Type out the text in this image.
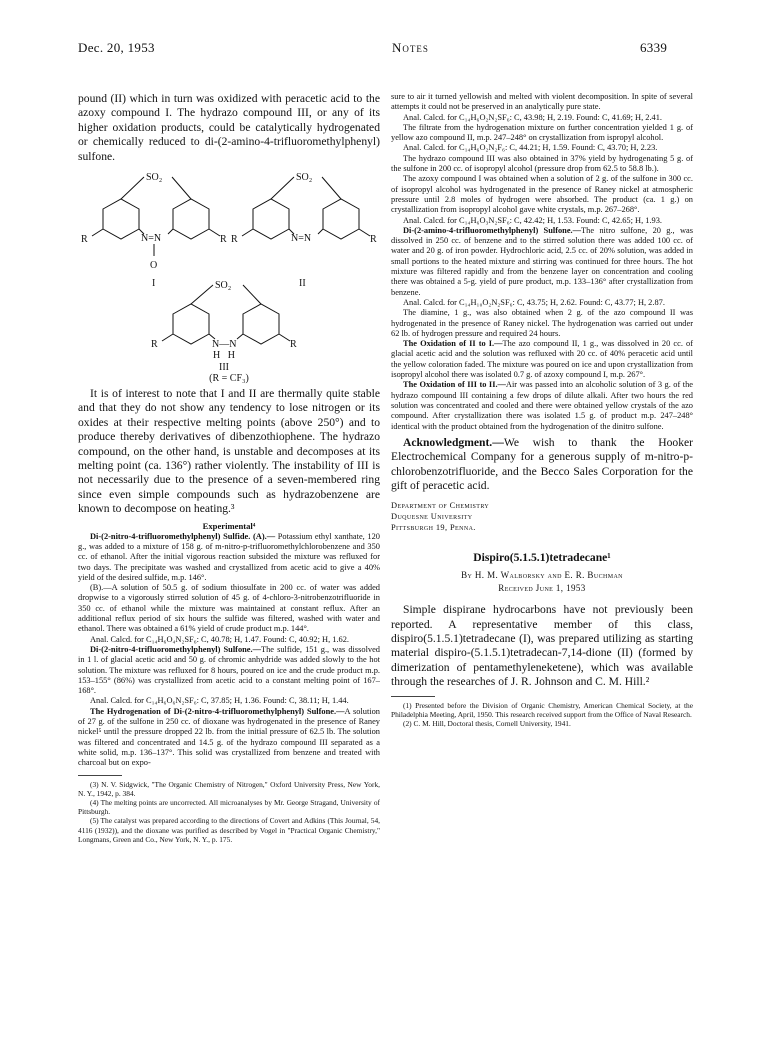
Dec. 20, 1953	Notes	6339

pound (II) which in turn was oxidized with peracetic acid to the azoxy compound I. The hydrazo compound III, or any of its higher oxidation products, could be catalytically hydrogenated or chemically reduced to di-(2-amino-4-trifluoromethylphenyl) sulfone.

SO₂
N=N
R	R
O
I
SO₂
N=N
R	R
II
SO₂
N—N
H   H
R	R
III

(R = CF₃)

It is of interest to note that I and II are thermally quite stable and that they do not show any tendency to lose nitrogen or its oxides at their respective melting points (above 250°) and to produce thereby derivatives of dibenzothiophene. The hydrazo compound, on the other hand, is unstable and decomposes at its melting point (ca. 136°) rather violently. The instability of III is not necessarily due to the presence of a seven-membered ring since even simple compounds such as hydrazobenzene are known to decompose on heating.³

Experimental⁴

Di-(2-nitro-4-trifluoromethylphenyl) Sulfide. (A).— Potassium ethyl xanthate, 120 g., was added to a mixture of 158 g. of m-nitro-p-trifluoromethylchlorobenzene and 350 cc. of ethanol. After the initial vigorous reaction subsided the mixture was refluxed for two days. The precipitate was washed and crystallized from acetic acid to give a 40% yield of the desired sulfide, m.p. 146°.

(B).—A solution of 50.5 g. of sodium thiosulfate in 200 cc. of water was added dropwise to a vigorously stirred solution of 45 g. of 4-chloro-3-nitrobenzotrifluoride in 350 cc. of ethanol while the mixture was maintained at constant reflux. After an additional reflux period of six hours the sulfide was filtered, washed with water and ethanol. There was obtained a 61% yield of crude product m.p. 144°.

Anal. Calcd. for C₁₄H₆O₄N₂SF₆: C, 40.78; H, 1.47. Found: C, 40.92; H, 1.62.

Di-(2-nitro-4-trifluoromethylphenyl) Sulfone.—The sulfide, 151 g., was dissolved in 1 l. of glacial acetic acid and 50 g. of chromic anhydride was added slowly to the hot solution. The mixture was refluxed for 8 hours, poured on ice and the crude product m.p. 153–155° (86%) was crystallized from acetic acid to a constant melting point of 167–168°.

Anal. Calcd. for C₁₄H₆O₆N₂SF₆: C, 37.85; H, 1.36. Found: C, 38.11; H, 1.44.

The Hydrogenation of Di-(2-nitro-4-trifluoromethylphenyl) Sulfone.—A solution of 27 g. of the sulfone in 250 cc. of dioxane was hydrogenated in the presence of Raney nickel⁵ until the pressure dropped 22 lb. from the initial pressure of 62.5 lb. The solution was filtered and concentrated and 14.5 g. of the hydrazo compound III separated as a white solid, m.p. 136–137°. This solid was crystallized from benzene and treated with charcoal but on expo-

(3) N. V. Sidgwick, "The Organic Chemistry of Nitrogen," Oxford University Press, New York, N. Y., 1942, p. 384.

(4) The melting points are uncorrected. All microanalyses by Mr. George Stragand, University of Pittsburgh.

(5) The catalyst was prepared according to the directions of Covert and Adkins (This Journal, 54, 4116 (1932)), and the dioxane was purified as described by Vogel in "Practical Organic Chemistry," Longmans, Green and Co., New York, N. Y., p. 175.

sure to air it turned yellowish and melted with violent decomposition. In spite of several attempts it could not be preserved in an analytically pure state.

Anal. Calcd. for C₁₄H₆O₂N₂SF₆: C, 43.98; H, 2.19. Found: C, 41.69; H, 2.41.

The filtrate from the hydrogenation mixture on further concentration yielded 1 g. of yellow azo compound II, m.p. 247–248° on crystallization from ispropyl alcohol.

Anal. Calcd. for C₁₄H₆O₂N₂F₆: C, 44.21; H, 1.59. Found: C, 43.70; H, 2.23.

The hydrazo compound III was also obtained in 37% yield by hydrogenating 5 g. of the sulfone in 200 cc. of isopropyl alcohol (pressure drop from 62.5 to 58.8 lb.).

The azoxy compound I was obtained when a solution of 2 g. of the sulfone in 300 cc. of isopropyl alcohol was hydrogenated in the presence of Raney nickel at atmospheric pressure until 2.8 moles of hydrogen were absorbed. The product (ca. 1 g.) on crystallization from isopropyl alcohol gave white crystals, m.p. 267–268°.

Anal. Calcd. for C₁₄H₆O₃N₂SF₆: C, 42.42; H, 1.53. Found: C, 42.65; H, 1.93.

Di-(2-amino-4-trifluoromethylphenyl) Sulfone.—The nitro sulfone, 20 g., was dissolved in 250 cc. of benzene and to the stirred solution there was added 100 cc. of water and 20 g. of iron powder. Hydrochloric acid, 2.5 cc. of 20% solution, was added in small portions to the heated mixture and stirring was continued for three hours. The hot mixture was filtered rapidly and from the benzene layer on concentration and cooling there was obtained a 5-g. yield of pure product, m.p. 133–136° after crystallization from benzene.

Anal. Calcd. for C₁₄H₁₀O₂N₂SF₆: C, 43.75; H, 2.62. Found: C, 43.77; H, 2.87.

The diamine, 1 g., was also obtained when 2 g. of the azo compound II was hydrogenated in the presence of Raney nickel. The hydrogenation was carried out under 62 lb. of hydrogen pressure and required 24 hours.

The Oxidation of II to I.—The azo compound II, 1 g., was dissolved in 20 cc. of glacial acetic acid and the solution was refluxed with 20 cc. of 40% peracetic acid until the yellow coloration faded. The mixture was poured on ice and upon crystallization from isopropyl alcohol there was isolated 0.7 g. of azoxy compound I, m.p. 267°.

The Oxidation of III to II.—Air was passed into an alcoholic solution of 3 g. of the hydrazo compound III containing a few drops of dilute alkali. After two hours the red solution was concentrated and cooled and there were obtained yellow crystals of the azo compound. After crystallization there was isolated 1.5 g. of product m.p. 247–248° identical with the product obtained from the hydrogenation of the dinitro sulfone.

Acknowledgment.—We wish to thank the Hooker Electrochemical Company for a generous supply of m-nitro-p-chlorobenzotrifluoride, and the Becco Sales Corporation for the gift of peracetic acid.

Department of Chemistry
Duquesne University
Pittsburgh 19, Penna.
Dispiro(5.1.5.1)tetradecane¹
By H. M. Walborsky and E. R. Buchman
Received June 1, 1953

Simple dispirane hydrocarbons have not previously been reported. A representative member of this class, dispiro(5.1.5.1)tetradecane (I), was prepared utilizing as starting material dispiro-(5.1.5.1)tetradecan-7,14-dione (II) (formed by dimerization of pentamethyleneketene), which was available through the researches of J. R. Johnson and C. M. Hill.²

(1) Presented before the Division of Organic Chemistry, American Chemical Society, at the Philadelphia Meeting, April, 1950. This research received support from the Office of Naval Research.

(2) C. M. Hill, Doctoral thesis, Cornell University, 1941.
